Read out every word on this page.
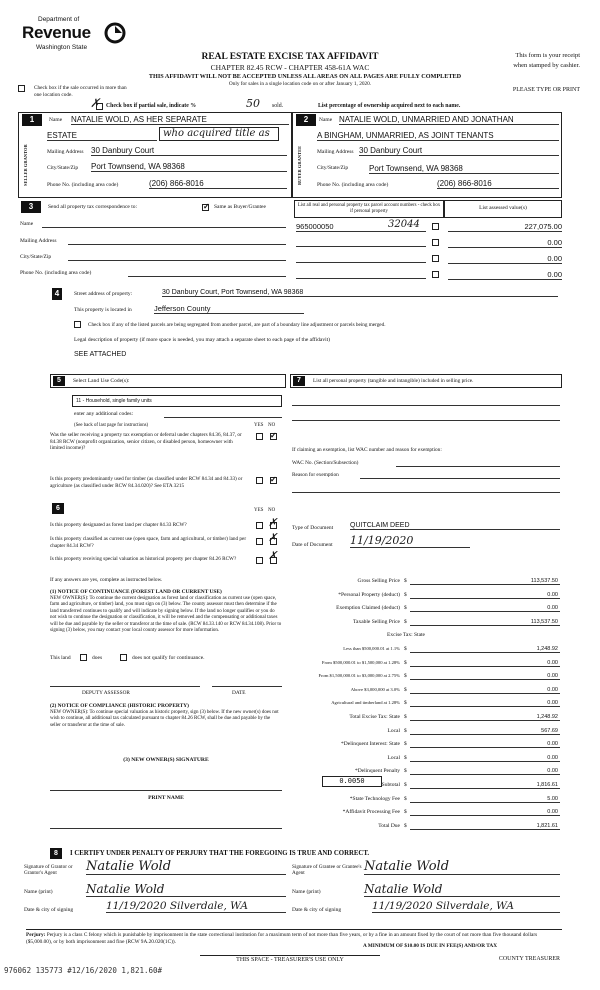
Department of
Revenue
Washington State
REAL ESTATE EXCISE TAX AFFIDAVIT
CHAPTER 82.45 RCW - CHAPTER 458-61A WAC
This form is your receipt
when stamped by cashier.
THIS AFFIDAVIT WILL NOT BE ACCEPTED UNLESS ALL AREAS ON ALL PAGES ARE FULLY COMPLETED
Only for sales in a single location code on or after January 1, 2020.
PLEASE TYPE OR PRINT
Check box if the sale occurred in more than one location code.
✗ Check box if partial sale, indicate %	50 sold.	List percentage of ownership acquired next to each name.
1
SELLER GRANTOR
Name NATALIE WOLD, AS HER SEPARATE
ESTATE	who acquired title as
Mailing Address 30 Danbury Court
City/State/Zip Port Townsend, WA 98368
Phone No. (including area code)	(206) 866-8016
2
BUYER GRANTEE
Name NATALIE WOLD, UNMARRIED AND JONATHAN
A BINGHAM, UNMARRIED, AS JOINT TENANTS
Mailing Address 30 Danbury Court
City/State/Zip	Port Townsend, WA 98368
Phone No. (including area code)	(206) 866-8016
3	Send all property tax correspondence to:	✓ Same as Buyer/Grantee
Name
Mailing Address
City/State/Zip
Phone No. (including area code)
List all real and personal property tax parcel account numbers - check box if personal property
List assessed value(s)
965000050	32044	227,075.00
0.00
0.00
0.00
4	Street address of property:	30 Danbury Court, Port Townsend, WA 98368
This property is located in	Jefferson County
Check box if any of the listed parcels are being segregated from another parcel, are part of a boundary line adjustment or parcels being merged.
Legal description of property (if more space is needed, you may attach a separate sheet to each page of the affidavit)
SEE ATTACHED
5	Select Land Use Code(s):
11 - Household, single family units
enter any additional codes:
(See back of last page for instructions)	YES NO
Was the seller receiving a property tax exemption or deferral under chapters 84.36, 84.37, or 84.38 RCW (nonprofit organization, senior citizen, or disabled person, homeowner with limited income)?
✓
Is this property predominantly used for timber (as classified under RCW 84.34 and 84.33) or agriculture (as classified under RCW 84.34.020)? See ETA 3215
✓
6	YES NO
Is this property designated as forest land per chapter 84.33 RCW?	✗
Is this property classified as current use (open space, farm and agricultural, or timber) land per chapter 84.34 RCW?
✗
Is this property receiving special valuation as historical property per chapter 84.26 RCW?	✗
If any answers are yes, complete as instructed below.
(1) NOTICE OF CONTINUANCE (FOREST LAND OR CURRENT USE)
NEW OWNER(S): To continue the current designation as forest land or classification as current use (open space, farm and agriculture, or timber) land, you must sign on (3) below. The county assessor must then determine if the land transferred continues to qualify and will indicate by signing below. If the land no longer qualifies or you do not wish to continue the designation or classification, it will be removed and the compensating or additional taxes will be due and payable by the seller or transferor at the time of sale. (RCW 84.33.140 or RCW 84.34.108). Prior to signing (3) below, you may contact your local county assessor for more information.
This land	does	does not qualify for continuance.
DEPUTY ASSESSOR	DATE
(2) NOTICE OF COMPLIANCE (HISTORIC PROPERTY)
NEW OWNER(S): To continue special valuation as historic property, sign (3) below. If the new owner(s) does not wish to continue, all additional tax calculated pursuant to chapter 84.26 RCW, shall be due and payable by the seller or transferor at the time of sale.
(3) NEW OWNER(S) SIGNATURE
PRINT NAME
7	List all personal property (tangible and intangible) included in selling price.
If claiming an exemption, list WAC number and reason for exemption:
WAC No. (Section/Subsection)
Reason for exemption
Type of Document QUITCLAIM DEED
Date of Document 11/19/2020
Gross Selling Price $	113,537.50
*Personal Property (deduct) $	0.00
Exemption Claimed (deduct) $	0.00
Taxable Selling Price $	113,537.50
Excise Tax: State
Less than $500,000.01 at 1.1% $	1,248.92
From $500,000.01 to $1,500,000 at 1.28% $	0.00
From $1,500,000.01 to $3,000,000 at 2.75% $	0.00
Above $3,000,000 at 3.0% $	0.00
Agricultural and timberland at 1.28% $	0.00
Total Excise Tax: State $	1,248.92
Local $	567.69
*Delinquent Interest: State $	0.00
Local $	0.00
*Delinquent Penalty $	0.00
Subtotal $	1,816.61
*State Technology Fee $	5.00
*Affidavit Processing Fee $	0.00
Total Due $	1,821.61
0.0050
A MINIMUM OF $10.00 IS DUE IN FEE(S) AND/OR TAX
8	I CERTIFY UNDER PENALTY OF PERJURY THAT THE FOREGOING IS TRUE AND CORRECT.
Signature of Grantor or Grantor's Agent	Natalie Wold	Signature of Grantee or Grantee's Agent	Natalie Wold
Name (print)	Natalie Wold	Name (print)	Natalie Wold
Date & city of signing	11/19/2020 Silverdale, WA	Date & city of signing	11/19/2020 Silverdale, WA
Perjury: Perjury is a class C felony which is punishable by imprisonment in the state correctional institution for a maximum term of not more than five years, or by a fine in an amount fixed by the court of not more than five thousand dollars ($5,000.00), or by both imprisonment and fine (RCW 9A.20.020(1C)).
THIS SPACE - TREASURER'S USE ONLY	COUNTY TREASURER
976062 135773 #12/16/2020 1,821.60#
